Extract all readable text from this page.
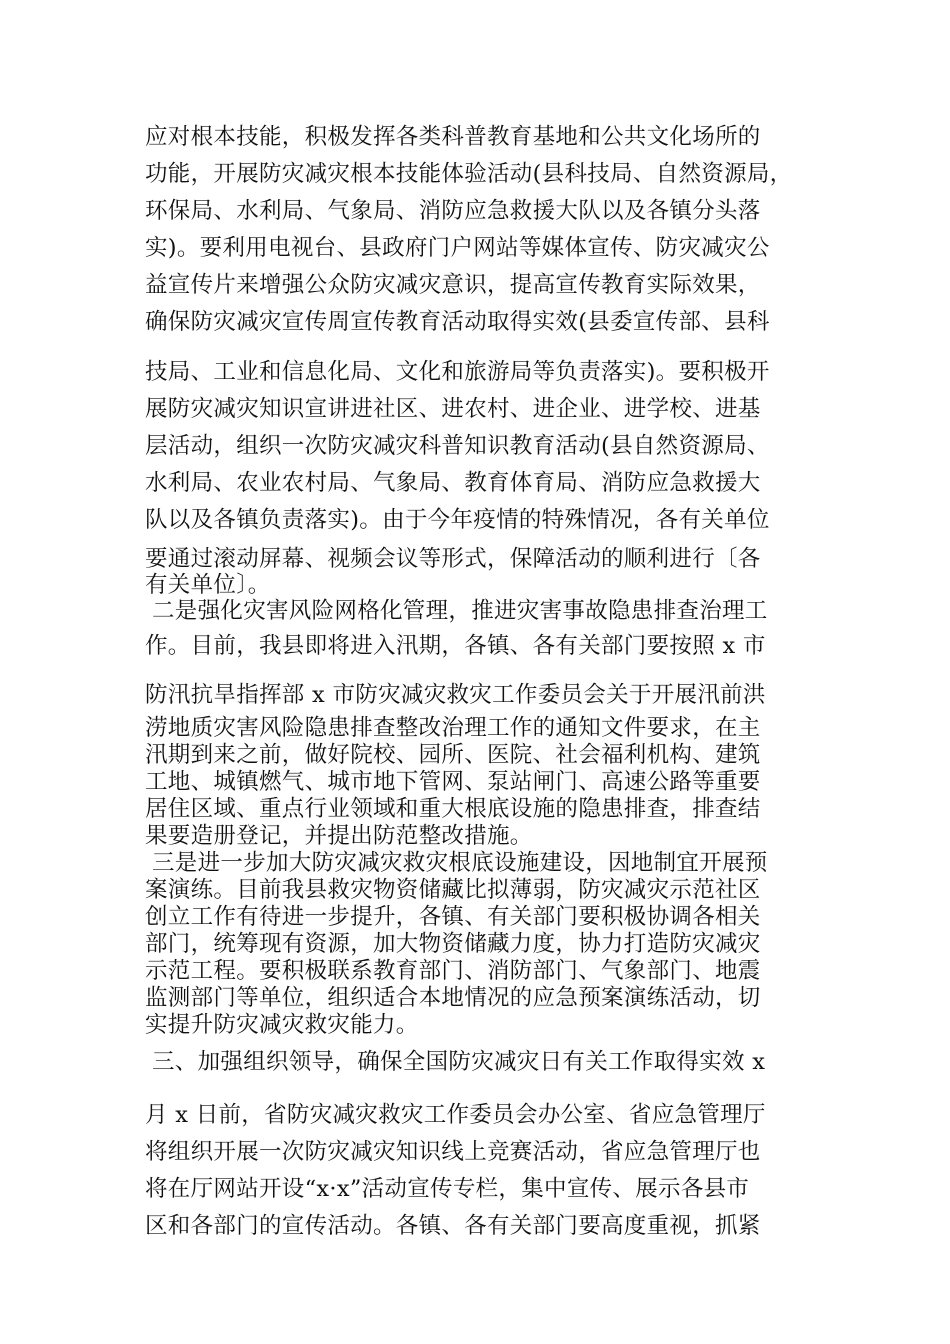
应对根本技能，积极发挥各类科普教育基地和公共文化场所的
功能，开展防灾减灾根本技能体验活动(县科技局、自然资源局，
环保局、水利局、气象局、消防应急救援大队以及各镇分头落
实)。要利用电视台、县政府门户网站等媒体宣传、防灾减灾公
益宣传片来增强公众防灾减灾意识，提高宣传教育实际效果，
确保防灾减灾宣传周宣传教育活动取得实效(县委宣传部、县科
技局、工业和信息化局、文化和旅游局等负责落实)。要积极开
展防灾减灾知识宣讲进社区、进农村、进企业、进学校、进基
层活动，组织一次防灾减灾科普知识教育活动(县自然资源局、
水利局、农业农村局、气象局、教育体育局、消防应急救援大
队以及各镇负责落实)。由于今年疫情的特殊情况，各有关单位
要通过滚动屏幕、视频会议等形式，保障活动的顺利进行〔各
有关单位〕。
二是强化灾害风险网格化管理，推进灾害事故隐患排查治理工
作。目前，我县即将进入汛期，各镇、各有关部门要按照 x 市
防汛抗旱指挥部 x 市防灾减灾救灾工作委员会关于开展汛前洪
涝地质灾害风险隐患排查整改治理工作的通知文件要求，在主
汛期到来之前，做好院校、园所、医院、社会福利机构、建筑
工地、城镇燃气、城市地下管网、泵站闸门、高速公路等重要
居住区域、重点行业领域和重大根底设施的隐患排查，排查结
果要造册登记，并提出防范整改措施。
三是进一步加大防灾减灾救灾根底设施建设，因地制宜开展预
案演练。目前我县救灾物资储藏比拟薄弱，防灾减灾示范社区
创立工作有待进一步提升，各镇、有关部门要积极协调各相关
部门，统筹现有资源，加大物资储藏力度，协力打造防灾减灾
示范工程。要积极联系教育部门、消防部门、气象部门、地震
监测部门等单位，组织适合本地情况的应急预案演练活动，切
实提升防灾减灾救灾能力。
三、加强组织领导，确保全国防灾减灾日有关工作取得实效 x
月 x 日前，省防灾减灾救灾工作委员会办公室、省应急管理厅
将组织开展一次防灾减灾知识线上竞赛活动，省应急管理厅也
将在厅网站开设“x·x”活动宣传专栏，集中宣传、展示各县市
区和各部门的宣传活动。各镇、各有关部门要高度重视，抓紧
